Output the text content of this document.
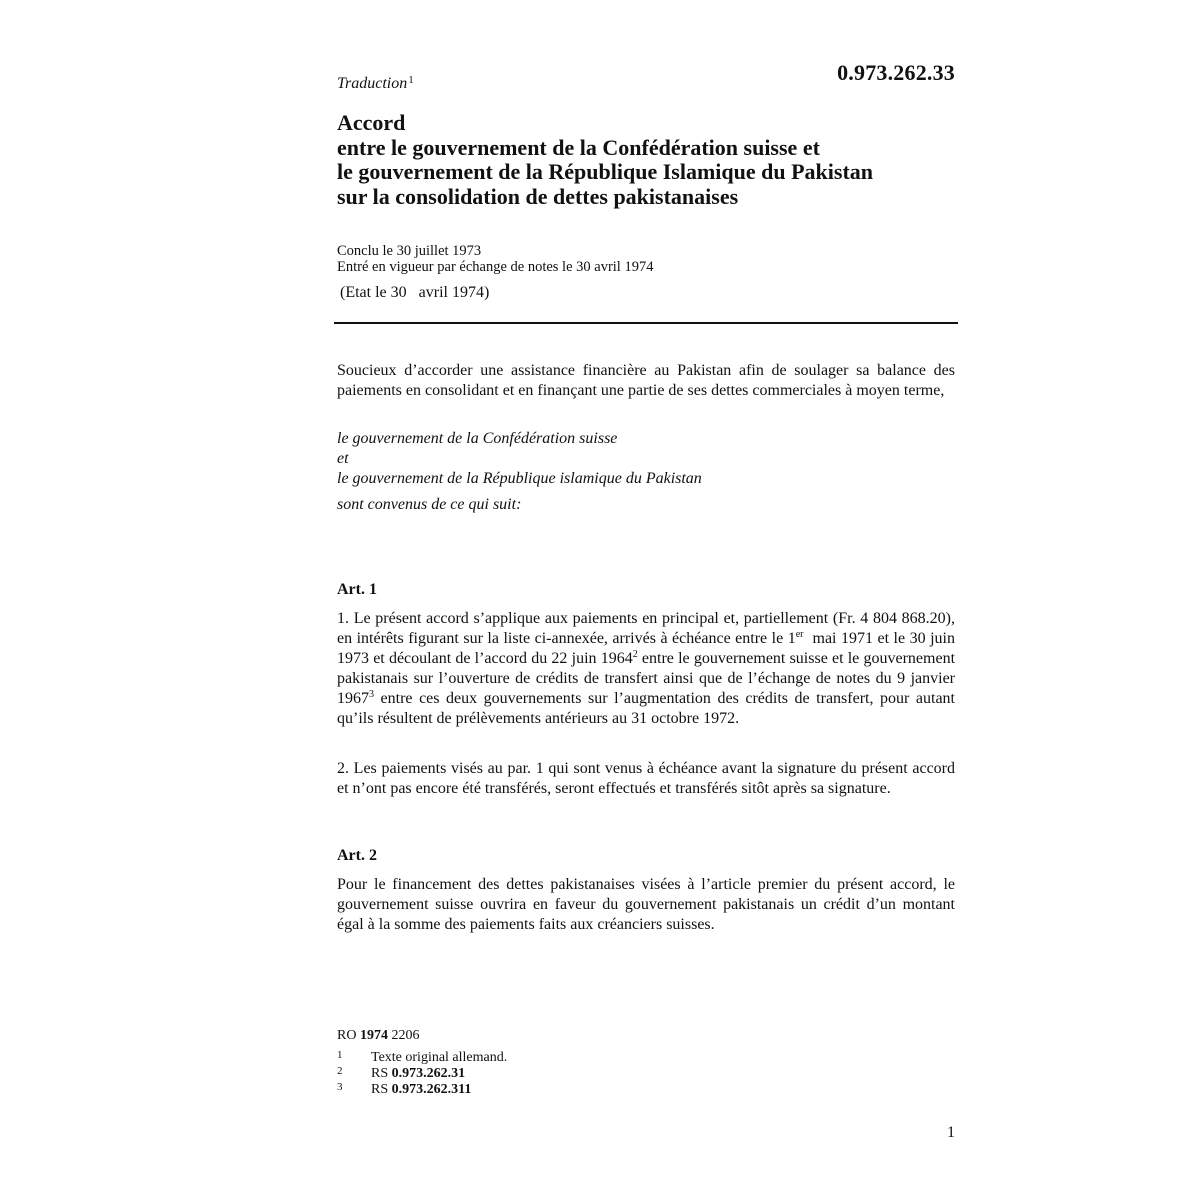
0.973.262.33
Traduction$^1$
Accord
entre le gouvernement de la Confédération suisse et
le gouvernement de la République Islamique du Pakistan
sur la consolidation de dettes pakistanaises
Conclu le 30 juillet 1973
Entré en vigueur par échange de notes le 30 avril 1974
(Etat le 30   avril 1974)
Soucieux d’accorder une assistance financière au Pakistan afin de soulager sa balance des paiements en consolidant et en finançant une partie de ses dettes commerciales à moyen terme,
le gouvernement de la Confédération suisse
et
le gouvernement de la République islamique du Pakistan
sont convenus de ce qui suit:
Art. 1
1. Le présent accord s’applique aux paiements en principal et, partiellement (Fr. 4 804 868.20), en intérêts figurant sur la liste ci-annexée, arrivés à échéance entre le 1er  mai 1971 et le 30 juin 1973 et découlant de l’accord du 22 juin 1964$^2$ entre le gouvernement suisse et le gouvernement pakistanais sur l’ouverture de crédits de transfert ainsi que de l’échange de notes du 9 janvier 1967$^3$ entre ces deux gouvernements sur l’augmentation des crédits de transfert, pour autant qu’ils résultent de prélèvements antérieurs au 31 octobre 1972.
2. Les paiements visés au par. 1 qui sont venus à échéance avant la signature du présent accord et n’ont pas encore été transférés, seront effectués et transférés sitôt après sa signature.
Art. 2
Pour le financement des dettes pakistanaises visées à l’article premier du présent accord, le gouvernement suisse ouvrira en faveur du gouvernement pakistanais un crédit d’un montant égal à la somme des paiements faits aux créanciers suisses.
RO 1974 2206
1 Texte original allemand.
2 RS 0.973.262.31
3 RS 0.973.262.311
1
